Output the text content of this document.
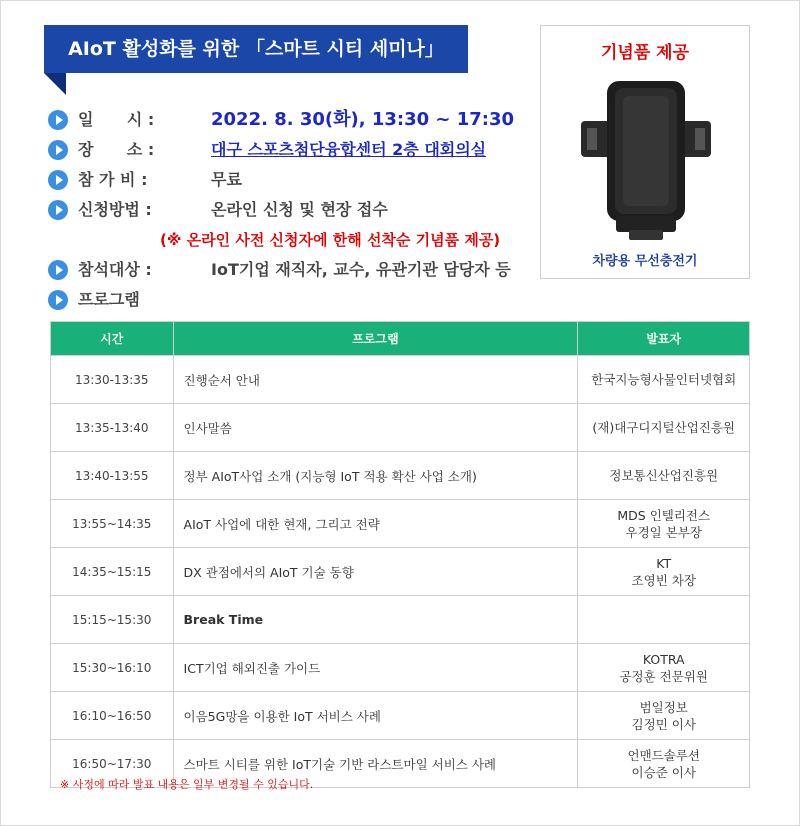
AIoT 활성화를 위한 「스마트 시티 세미나」
일      시 :	2022. 8. 30(화), 13:30 ~ 17:30
장      소 :	대구 스포츠첨단융합센터 2층 대회의실
참 가 비 :	무료
신청방법 :	온라인 신청 및 현장 접수
(※ 온라인 사전 신청자에 한해 선착순 기념품 제공)
참석대상 :	IoT기업 재직자, 교수, 유관기관 담당자 등
프로그램
기념품 제공
차량용 무선충전기
시간	프로그램	발표자
13:30-13:35	진행순서 안내	한국지능형사물인터넷협회

13:35-13:40	인사말씀	(재)대구디지털산업진흥원

13:40-13:55	정부 AIoT사업 소개 (지능형 IoT 적용 확산 사업 소개)	정보통신산업진흥원

13:55~14:35	AIoT 사업에 대한 현재, 그리고 전략	MDS 인텔리전스
우경일 본부장

14:35~15:15	DX 관점에서의 AIoT 기술 동향	KT
조영빈 차장

15:15~15:30	Break Time	
15:30~16:10	ICT기업 해외진출 가이드	KOTRA
공정훈 전문위원

16:10~16:50	이음5G망을 이용한 IoT 서비스 사례	범일정보
김정민 이사

16:50~17:30	스마트 시티를 위한 IoT기술 기반 라스트마일 서비스 사례	언맨드솔루션
이승준 이사
※ 사정에 따라 발표 내용은 일부 변경될 수 있습니다.
